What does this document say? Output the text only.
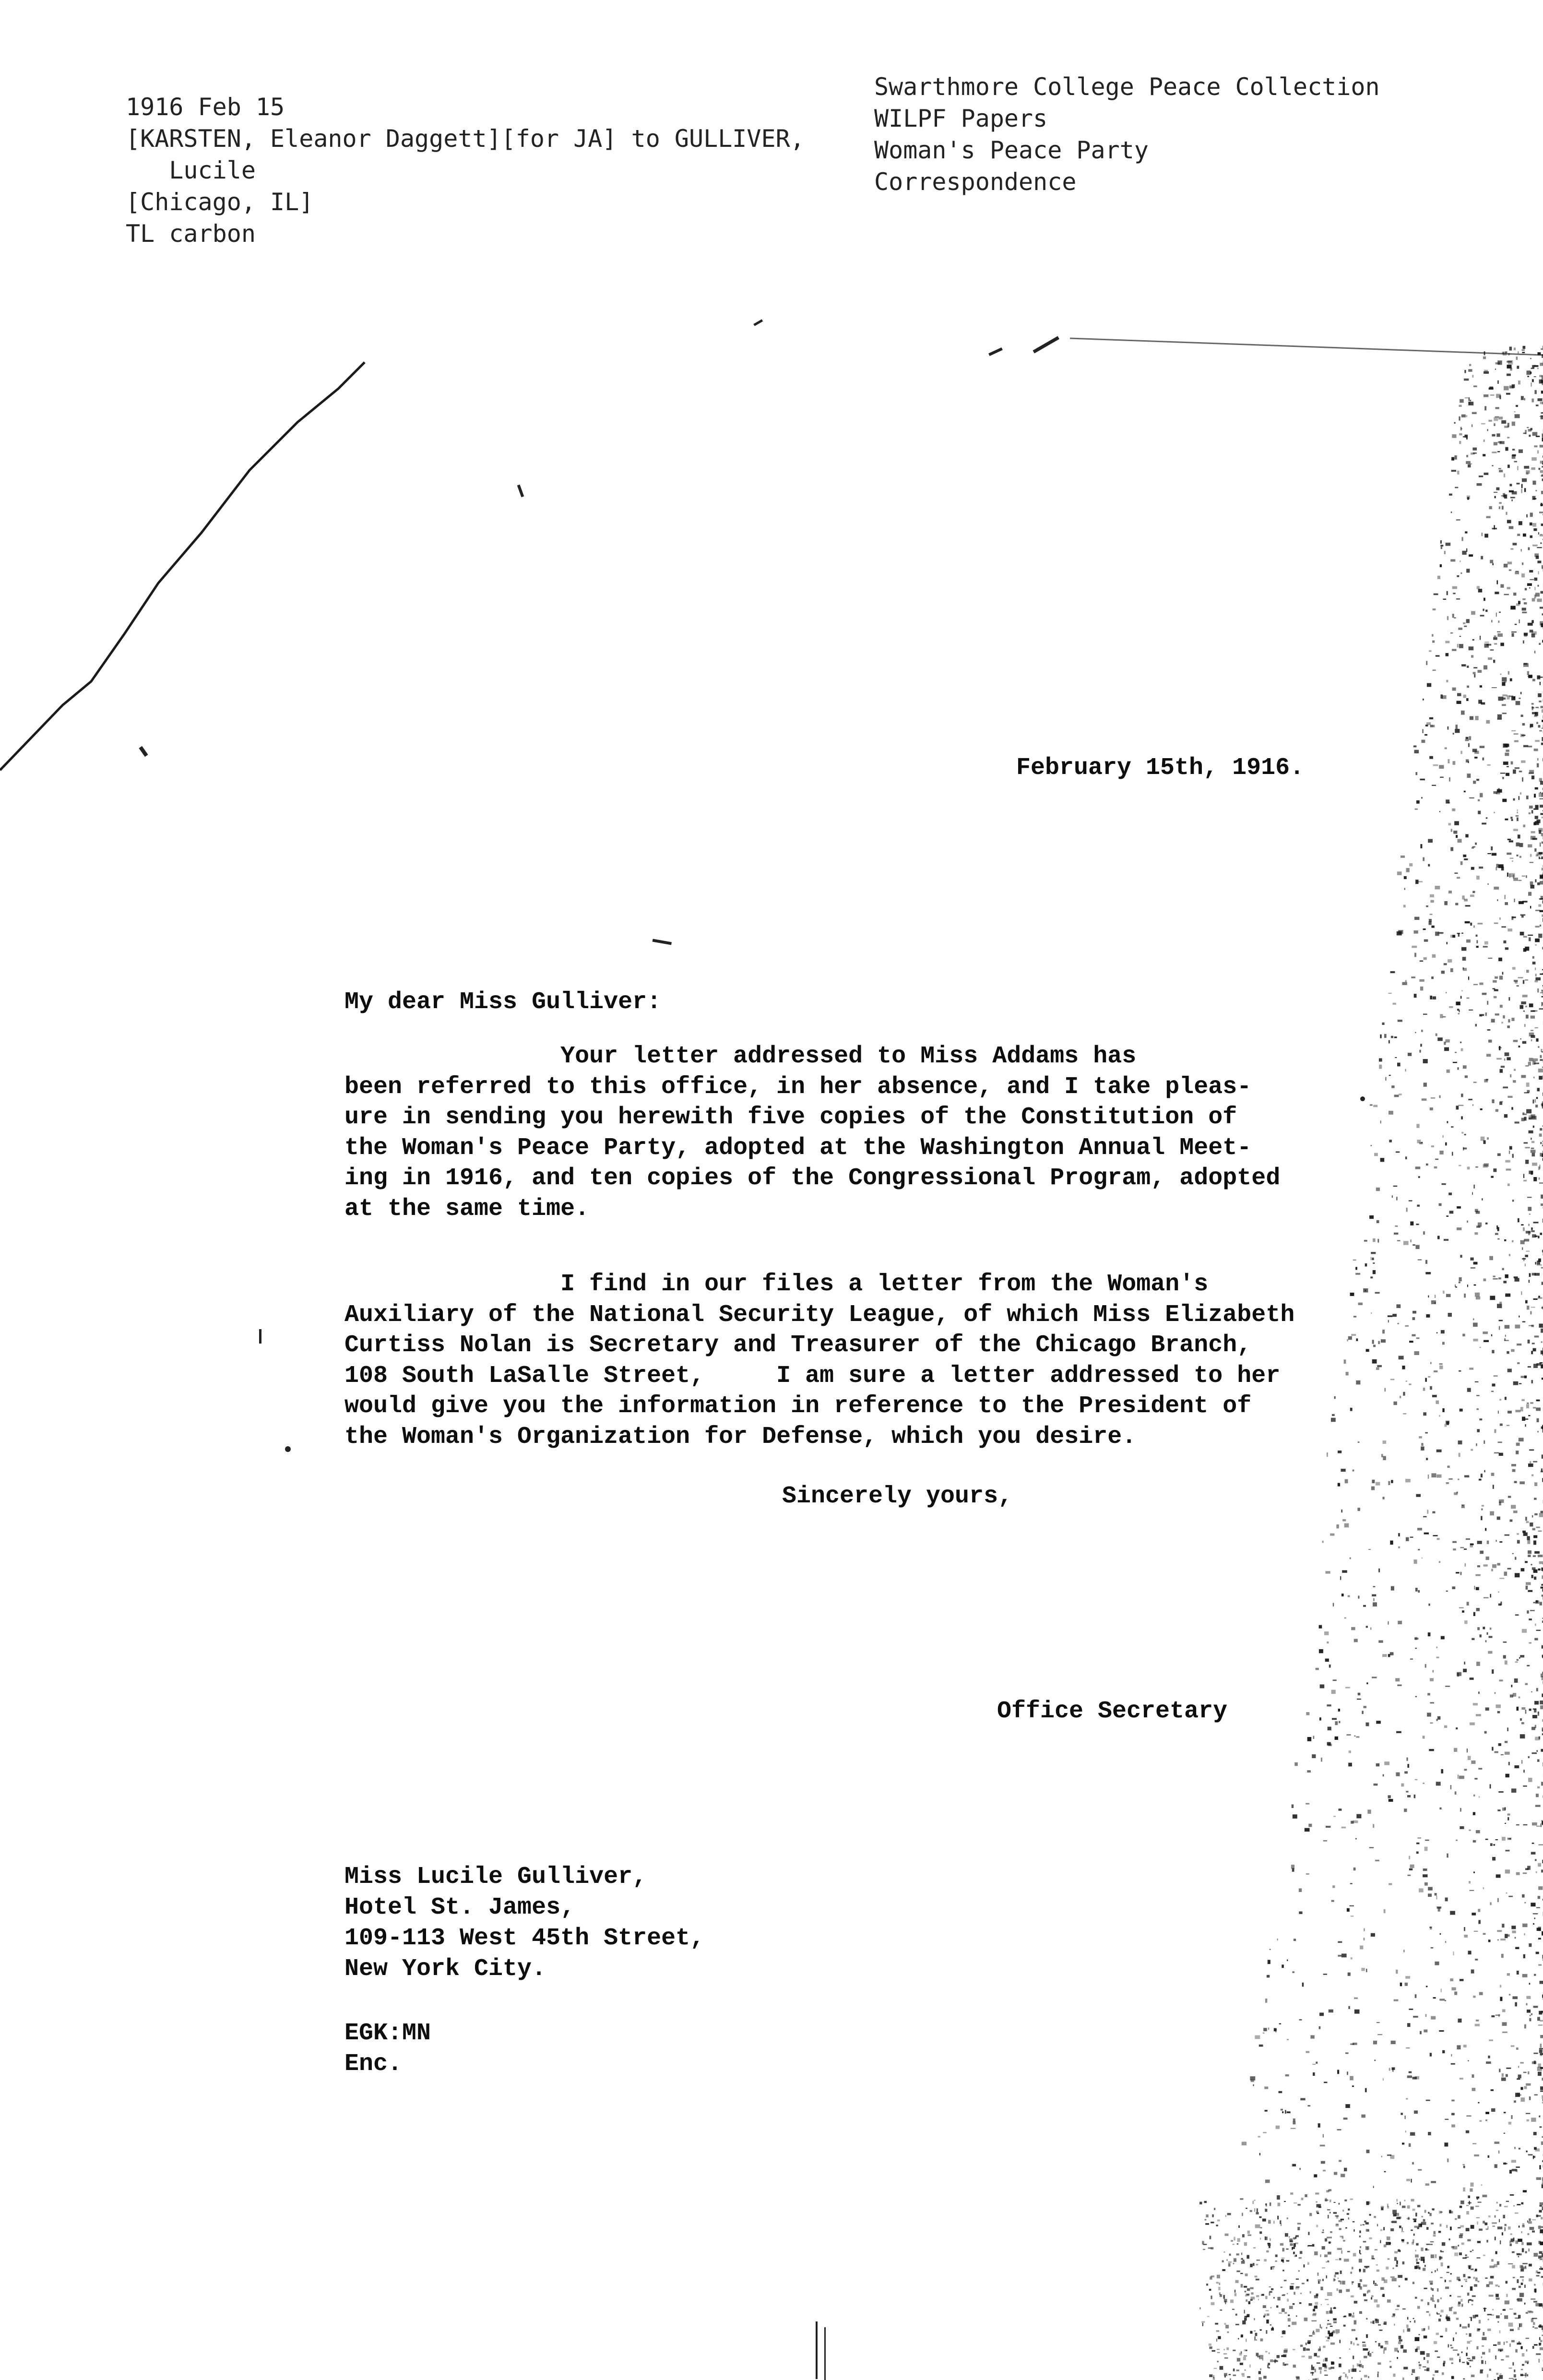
1916 Feb 15
[KARSTEN, Eleanor Daggett][for JA] to GULLIVER,
Lucile
[Chicago, IL]
TL carbon
Swarthmore College Peace Collection
WILPF Papers
Woman's Peace Party
Correspondence
February 15th, 1916.
My dear Miss Gulliver:
Your letter addressed to Miss Addams has
been referred to this office, in her absence, and I take pleas-
ure in sending you herewith five copies of the Constitution of
the Woman's Peace Party, adopted at the Washington Annual Meet-
ing in 1916, and ten copies of the Congressional Program, adopted
at the same time.
I find in our files a letter from the Woman's
Auxiliary of the National Security League, of which Miss Elizabeth
Curtiss Nolan is Secretary and Treasurer of the Chicago Branch,
108 South LaSalle Street,     I am sure a letter addressed to her
would give you the information in reference to the President of
the Woman's Organization for Defense, which you desire.
Sincerely yours,
Office Secretary
Miss Lucile Gulliver,
Hotel St. James,
109-113 West 45th Street,
New York City.
EGK:MN
Enc.
